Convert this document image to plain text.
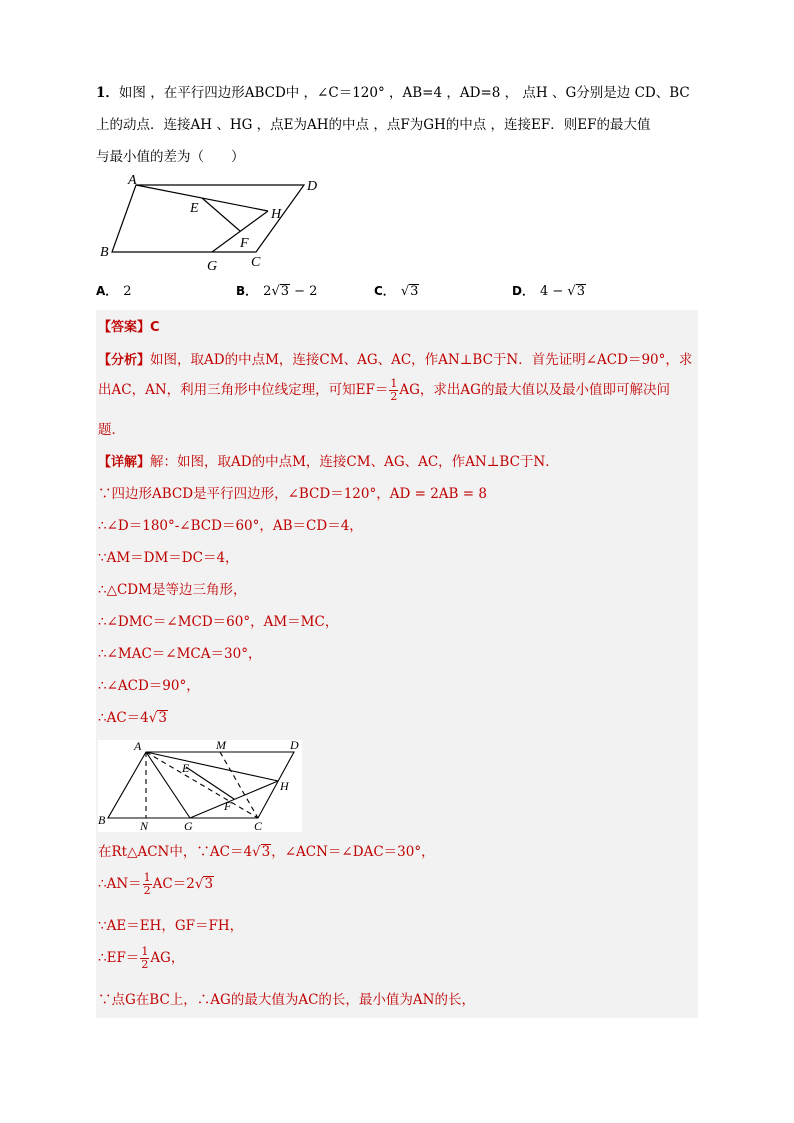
1．如图 ，在平行四边形ABCD中 ，∠C＝120° ，AB=4 ，AD=8 ， 点H 、G分别是边 CD、BC
上的动点．连接AH 、HG ，点E为AH的中点 ，点F为GH的中点 ，连接EF．则EF的最大值
与最小值的差为（　　）
A	D
E	H
F
B
G C
A． 2	B． 2√3 − 2	C． √3	D． 4 − √3
【答案】C
【分析】如图，取AD的中点M，连接CM、AG、AC，作AN⊥BC于N．首先证明∠ACD＝90°，求
出AC，AN，利用三角形中位线定理，可知$EF= \frac{1}{2}$ AG，求出AG的最大值以及最小值即可解决问
题．
【详解】解：如图，取AD的中点M，连接CM、AG、AC，作AN⊥BC于N．
∵四边形ABCD是平行四边形，∠BCD＝120°，AD = 2AB = 8
∴∠D＝180°-∠BCD＝60°，AB＝CD＝4，
∵AM＝DM＝DC＝4，
∴△CDM是等边三角形，
∴∠DMC＝∠MCD＝60°，AM＝MC，
∴∠MAC＝∠MCA＝30°，
∴∠ACD＝90°，
∴AC＝4√3
A	M	D
E
H
F
B	N	G	C
在Rt△ACN中，∵AC＝4√3，∠ACN＝∠DAC＝30°，
∴AN＝ $\frac{1}{2} AC=2√3$
∵AE＝EH，GF＝FH，
∴EF＝ $\frac{1}{2}$ AG，
∵点G在BC上，∴AG的最大值为AC的长，最小值为AN的长，
